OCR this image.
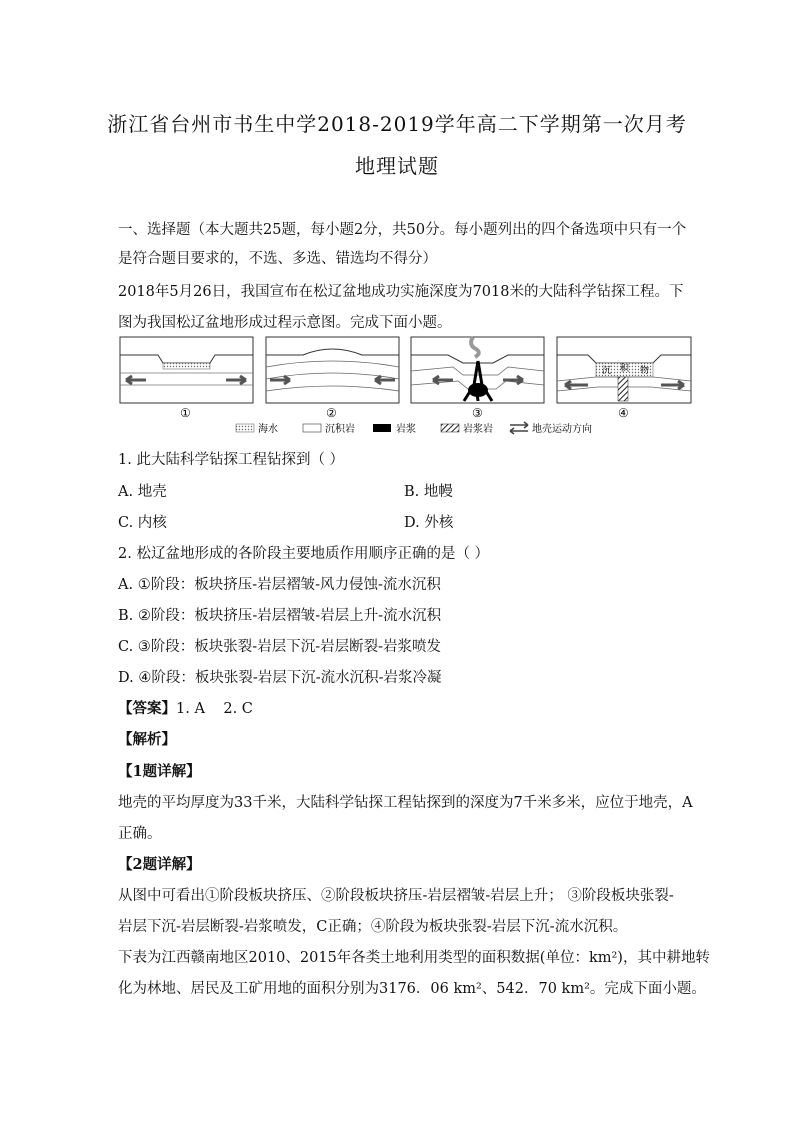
浙江省台州市书生中学2018-2019学年高二下学期第一次月考
地理试题
一、选择题（本大题共25题，每小题2分，共50分。每小题列出的四个备选项中只有一个
是符合题目要求的，不选、多选、错选均不得分）
2018年5月26日，我国宣布在松辽盆地成功实施深度为7018米的大陆科学钻探工程。下
图为我国松辽盆地形成过程示意图。完成下面小题。
①	②	③
沉 积 物
④
海水	沉积岩	岩浆	岩浆岩	地壳运动方向
1. 此大陆科学钻探工程钻探到（ ）
A. 地壳	B. 地幔
C. 内核	D. 外核
2. 松辽盆地形成的各阶段主要地质作用顺序正确的是（ ）
A. ①阶段：板块挤压-岩层褶皱-风力侵蚀-流水沉积
B. ②阶段：板块挤压-岩层褶皱-岩层上升-流水沉积
C. ③阶段：板块张裂-岩层下沉-岩层断裂-岩浆喷发
D. ④阶段：板块张裂-岩层下沉-流水沉积-岩浆冷凝
【答案】1. A    2. C
【解析】
【1题详解】
地壳的平均厚度为33千米，大陆科学钻探工程钻探到的深度为7千米多米，应位于地壳，A
正确。
【2题详解】
从图中可看出①阶段板块挤压、②阶段板块挤压-岩层褶皱-岩层上升； ③阶段板块张裂-
岩层下沉-岩层断裂-岩浆喷发，C正确；④阶段为板块张裂-岩层下沉-流水沉积。
下表为江西赣南地区2010、2015年各类土地利用类型的面积数据(单位：km²)，其中耕地转
化为林地、居民及工矿用地的面积分别为3176．06 km²、542．70 km²。完成下面小题。
